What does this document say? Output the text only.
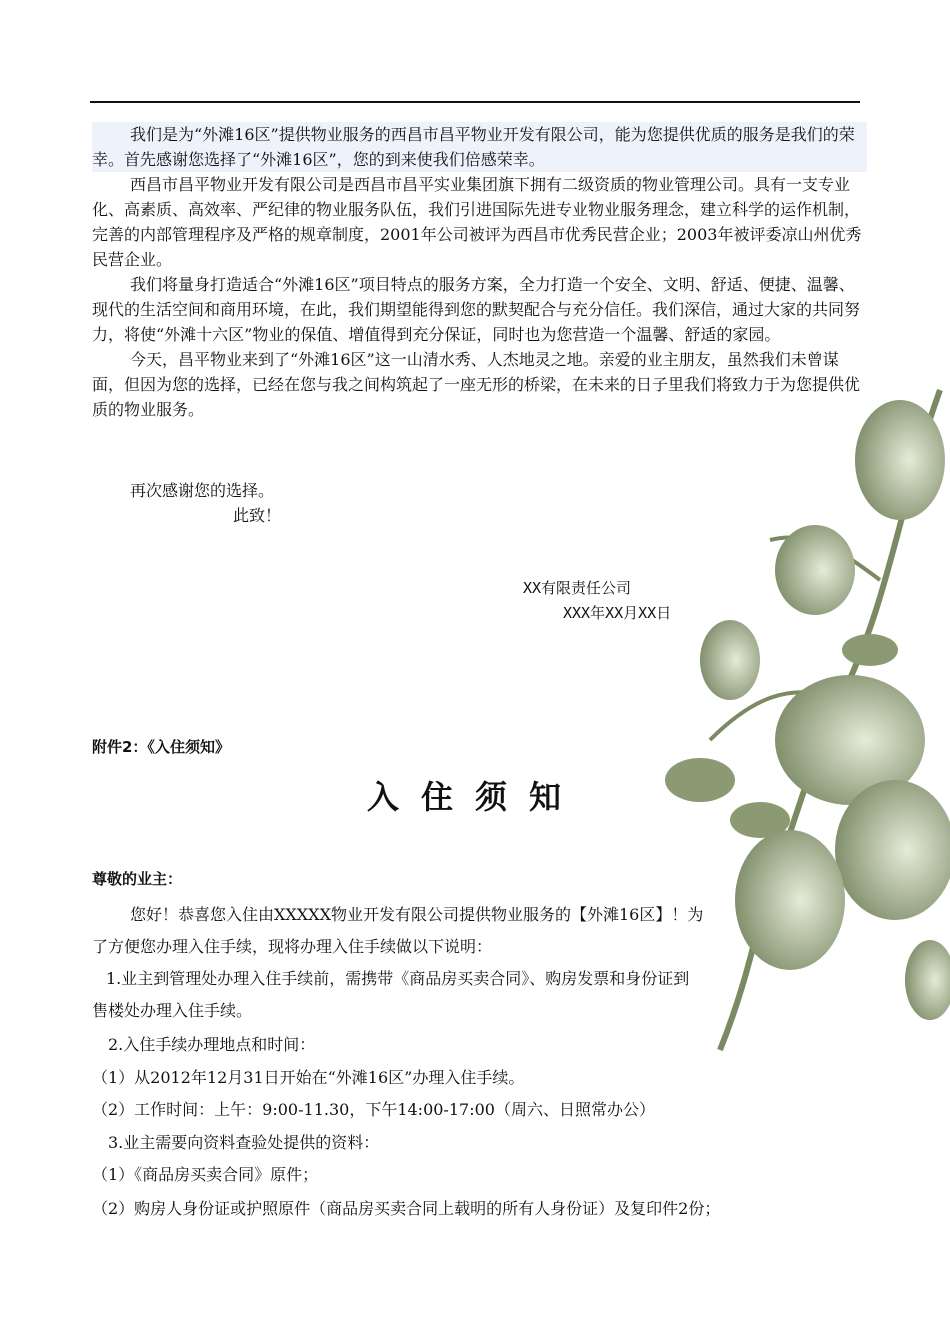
我们是为“外滩16区”提供物业服务的西昌市昌平物业开发有限公司，能为您提供优质的服务是我们的荣幸。首先感谢您选择了“外滩16区”，您的到来使我们倍感荣幸。

西昌市昌平物业开发有限公司是西昌市昌平实业集团旗下拥有二级资质的物业管理公司。具有一支专业化、高素质、高效率、严纪律的物业服务队伍，我们引进国际先进专业物业服务理念，建立科学的运作机制，完善的内部管理程序及严格的规章制度，2001年公司被评为西昌市优秀民营企业；2003年被评委凉山州优秀民营企业。

我们将量身打造适合“外滩16区”项目特点的服务方案，全力打造一个安全、文明、舒适、便捷、温馨、现代的生活空间和商用环境，在此，我们期望能得到您的默契配合与充分信任。我们深信，通过大家的共同努力，将使“外滩十六区”物业的保值、增值得到充分保证，同时也为您营造一个温馨、舒适的家园。

今天，昌平物业来到了“外滩16区”这一山清水秀、人杰地灵之地。亲爱的业主朋友，虽然我们未曾谋面，但因为您的选择，已经在您与我之间构筑起了一座无形的桥梁，在未来的日子里我们将致力于为您提供优质的物业服务。

再次感谢您的选择。
此致！
XX有限责任公司
XXX年XX月XX日
附件2：《入住须知》
入住须知
尊敬的业主：
您好！恭喜您入住由XXXXX物业开发有限公司提供物业服务的【外滩16区】！为
了方便您办理入住手续，现将办理入住手续做以下说明：
1.业主到管理处办理入住手续前，需携带《商品房买卖合同》、购房发票和身份证到
售楼处办理入住手续。
2.入住手续办理地点和时间：
（1）从2012年12月31日开始在“外滩16区”办理入住手续。
（2）工作时间：上午：9:00-11.30，下午14:00-17:00（周六、日照常办公）
3.业主需要向资料查验处提供的资料：
（1）《商品房买卖合同》原件；
（2）购房人身份证或护照原件（商品房买卖合同上载明的所有人身份证）及复印件2份；
